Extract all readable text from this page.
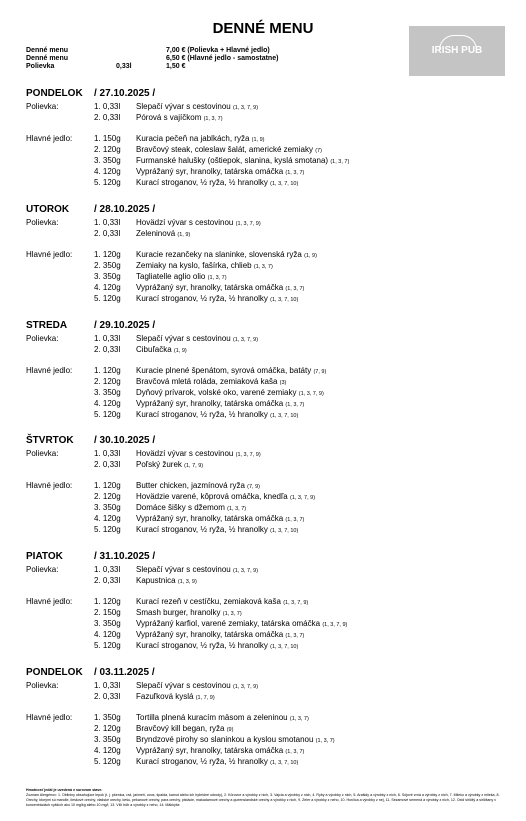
DENNÉ MENU
IRISH PUB
Denné menu	7,00 € (Polievka + Hlavné jedlo)
Denné menu	6,50 € (Hlavné jedlo - samostatne)
Polievka	0,33l	1,50 €
PONDELOK / 27.10.2025 /
Polievka:	1. 0,33l Slepačí vývar s cestovinou (1, 3, 7, 9)
2. 0,33l Pórová s vajíčkom (1, 3, 7)
Hlavné jedlo:	1. 150g Kuracia pečeň na jablkách, ryža (1, 9)
2. 120g Bravčový steak, coleslaw šalát, americké zemiaky (7)
3. 350g Furmanské halušky (oštiepok, slanina, kyslá smotana) (1, 3, 7)
4. 120g Vyprážaný syr, hranolky, tatárska omáčka (1, 3, 7)
5. 120g Kurací stroganov, ½ ryža, ½ hranolky (1, 3, 7, 10)
UTOROK / 28.10.2025 /
Polievka:	1. 0,33l Hovädzí vývar s cestovinou (1, 3, 7, 9)
2. 0,33l Zeleninová (1, 9)
Hlavné jedlo:	1. 120g Kuracie rezančeky na slaninke, slovenská ryža (1, 9)
2. 350g Zemiaky na kyslo, fašírka, chlieb (1, 3, 7)
3. 350g Tagliatelle aglio olio (1, 3, 7)
4. 120g Vyprážaný syr, hranolky, tatárska omáčka (1, 3, 7)
5. 120g Kurací stroganov, ½ ryža, ½ hranolky (1, 3, 7, 10)
STREDA	/ 29.10.2025 /
Polievka:	1. 0,33l Slepačí vývar s cestovinou (1, 3, 7, 9)
2. 0,33l Cibuľačka (1, 9)
Hlavné jedlo:	1. 120g Kuracie plnené špenátom, syrová omáčka, batáty (7, 9)
2. 120g Bravčová mletá roláda, zemiaková kaša (3)
3. 350g Dyňový prívarok, volské oko, varené zemiaky (1, 3, 7, 9)
4. 120g Vyprážaný syr, hranolky, tatárska omáčka (1, 3, 7)
5. 120g Kurací stroganov, ½ ryža, ½ hranolky (1, 3, 7, 10)
ŠTVRTOK / 30.10.2025 /
Polievka:	1. 0,33l Hovädzí vývar s cestovinou (1, 3, 7, 9)
2. 0,33l Poľský žurek (1, 7, 9)
Hlavné jedlo:	1. 120g Butter chicken, jazmínová ryža (7, 9)
2. 120g Hovädzie varené, kôprová omáčka, knedľa (1, 3, 7, 9)
3. 350g Domáce šišky s džemom (1, 3, 7)
4. 120g Vyprážaný syr, hranolky, tatárska omáčka (1, 3, 7)
5. 120g Kurací stroganov, ½ ryža, ½ hranolky (1, 3, 7, 10)
PIATOK	/ 31.10.2025 /
Polievka:	1. 0,33l Slepačí vývar s cestovinou (1, 3, 7, 9)
2. 0,33l Kapustnica (1, 3, 9)
Hlavné jedlo:	1. 120g Kurací rezeň v cestíčku, zemiaková kaša (1, 3, 7, 9)
2. 150g Smash burger, hranolky (1, 3, 7)
3. 350g Vyprážaný karfiol, varené zemiaky, tatárska omáčka (1, 3, 7, 9)
4. 120g Vyprážaný syr, hranolky, tatárska omáčka (1, 3, 7)
5. 120g Kurací stroganov, ½ ryža, ½ hranolky (1, 3, 7, 10)
PONDELOK / 03.11.2025 /
Polievka:	1. 0,33l Slepačí vývar s cestovinou (1, 3, 7, 9)
2. 0,33l Fazuľková kyslá (1, 7, 9)
Hlavné jedlo:	1. 350g Tortilla plnená kuracím mäsom a zeleninou (1, 3, 7)
2. 120g Bravčový kill began, ryža (9)
3. 350g Bryndzové pirohy so slaninkou a kyslou smotanou (1, 3, 7)
4. 120g Vyprážaný syr, hranolky, tatárska omáčka (1, 3, 7)
5. 120g Kurací stroganov, ½ ryža, ½ hranolky (1, 3, 7, 10)
Hmotnosť jedál je uvedená v surovom stave.
Zoznam Alergénov: 1. Obilniny obsahujúce lepok (t. j. pšenica, raž, jačmeň, ovos, špalda, kamut alebo ich hybridné odrody), 2. Kôrovce a výrobky z nich, 3. Vajcia a výrobky z nich, 4. Ryby a výrobky z nich, 5. Arašidy a výrobky z nich, 6. Sójové zrná a výrobky z nich, 7. Mlieko a výrobky z mlieka, 8. Orechy, ktorými sú mandle, lieskové orechy, vlašské orechy, kešu, pekanové orechy, para orechy, pistácie, makadamové orechy a queenslandské orechy a výrobky z nich, 9. Zeler a výrobky z neho, 10. Horčica a výrobky z nej, 11. Sezamové semená a výrobky z nich, 12. Oxid siričitý a siričitany v koncentráciách vyšších ako 10 mg/kg alebo 10 mg/l, 13. Vlčí bôb a výrobky z neho, 14. Mäkkýše
